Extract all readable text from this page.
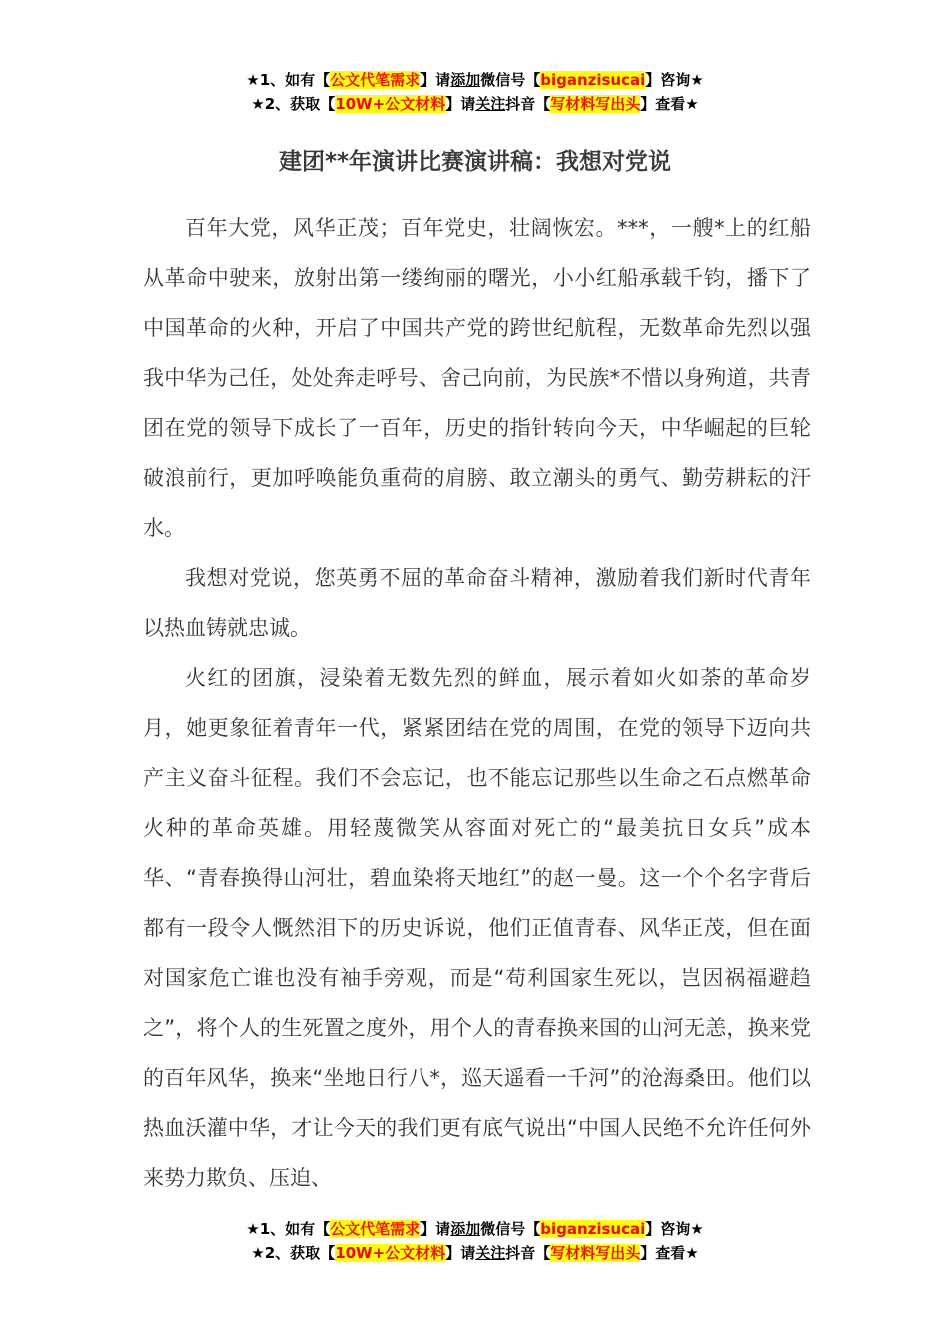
★1、如有【公文代笔需求】请添加微信号【biganzisucai】咨询★
★2、获取【10W+公文材料】请关注抖音【写材料写出头】查看★
建团**年演讲比赛演讲稿：我想对党说

百年大党，风华正茂；百年党史，壮阔恢宏。***，一艘*上的红船从革命中驶来，放射出第一缕绚丽的曙光，小小红船承载千钧，播下了中国革命的火种，开启了中国共产党的跨世纪航程，无数革命先烈以强我中华为己任，处处奔走呼号、舍己向前，为民族*不惜以身殉道，共青团在党的领导下成长了一百年，历史的指针转向今天，中华崛起的巨轮破浪前行，更加呼唤能负重荷的肩膀、敢立潮头的勇气、勤劳耕耘的汗水。

我想对党说，您英勇不屈的革命奋斗精神，激励着我们新时代青年以热血铸就忠诚。

火红的团旗，浸染着无数先烈的鲜血，展示着如火如荼的革命岁月，她更象征着青年一代，紧紧团结在党的周围，在党的领导下迈向共产主义奋斗征程。我们不会忘记，也不能忘记那些以生命之石点燃革命火种的革命英雄。用轻蔑微笑从容面对死亡的“最美抗日女兵”成本华、“青春换得山河壮，碧血染将天地红”的赵一曼。这一个个名字背后都有一段令人慨然泪下的历史诉说，他们正值青春、风华正茂，但在面对国家危亡谁也没有袖手旁观，而是“苟利国家生死以，岂因祸福避趋之”，将个人的生死置之度外，用个人的青春换来国的山河无恙，换来党的百年风华，换来“坐地日行八*，巡天遥看一千河”的沧海桑田。他们以热血沃灌中华，才让今天的我们更有底气说出“中国人民绝不允许任何外来势力欺负、压迫、

★1、如有【公文代笔需求】请添加微信号【biganzisucai】咨询★
★2、获取【10W+公文材料】请关注抖音【写材料写出头】查看★
